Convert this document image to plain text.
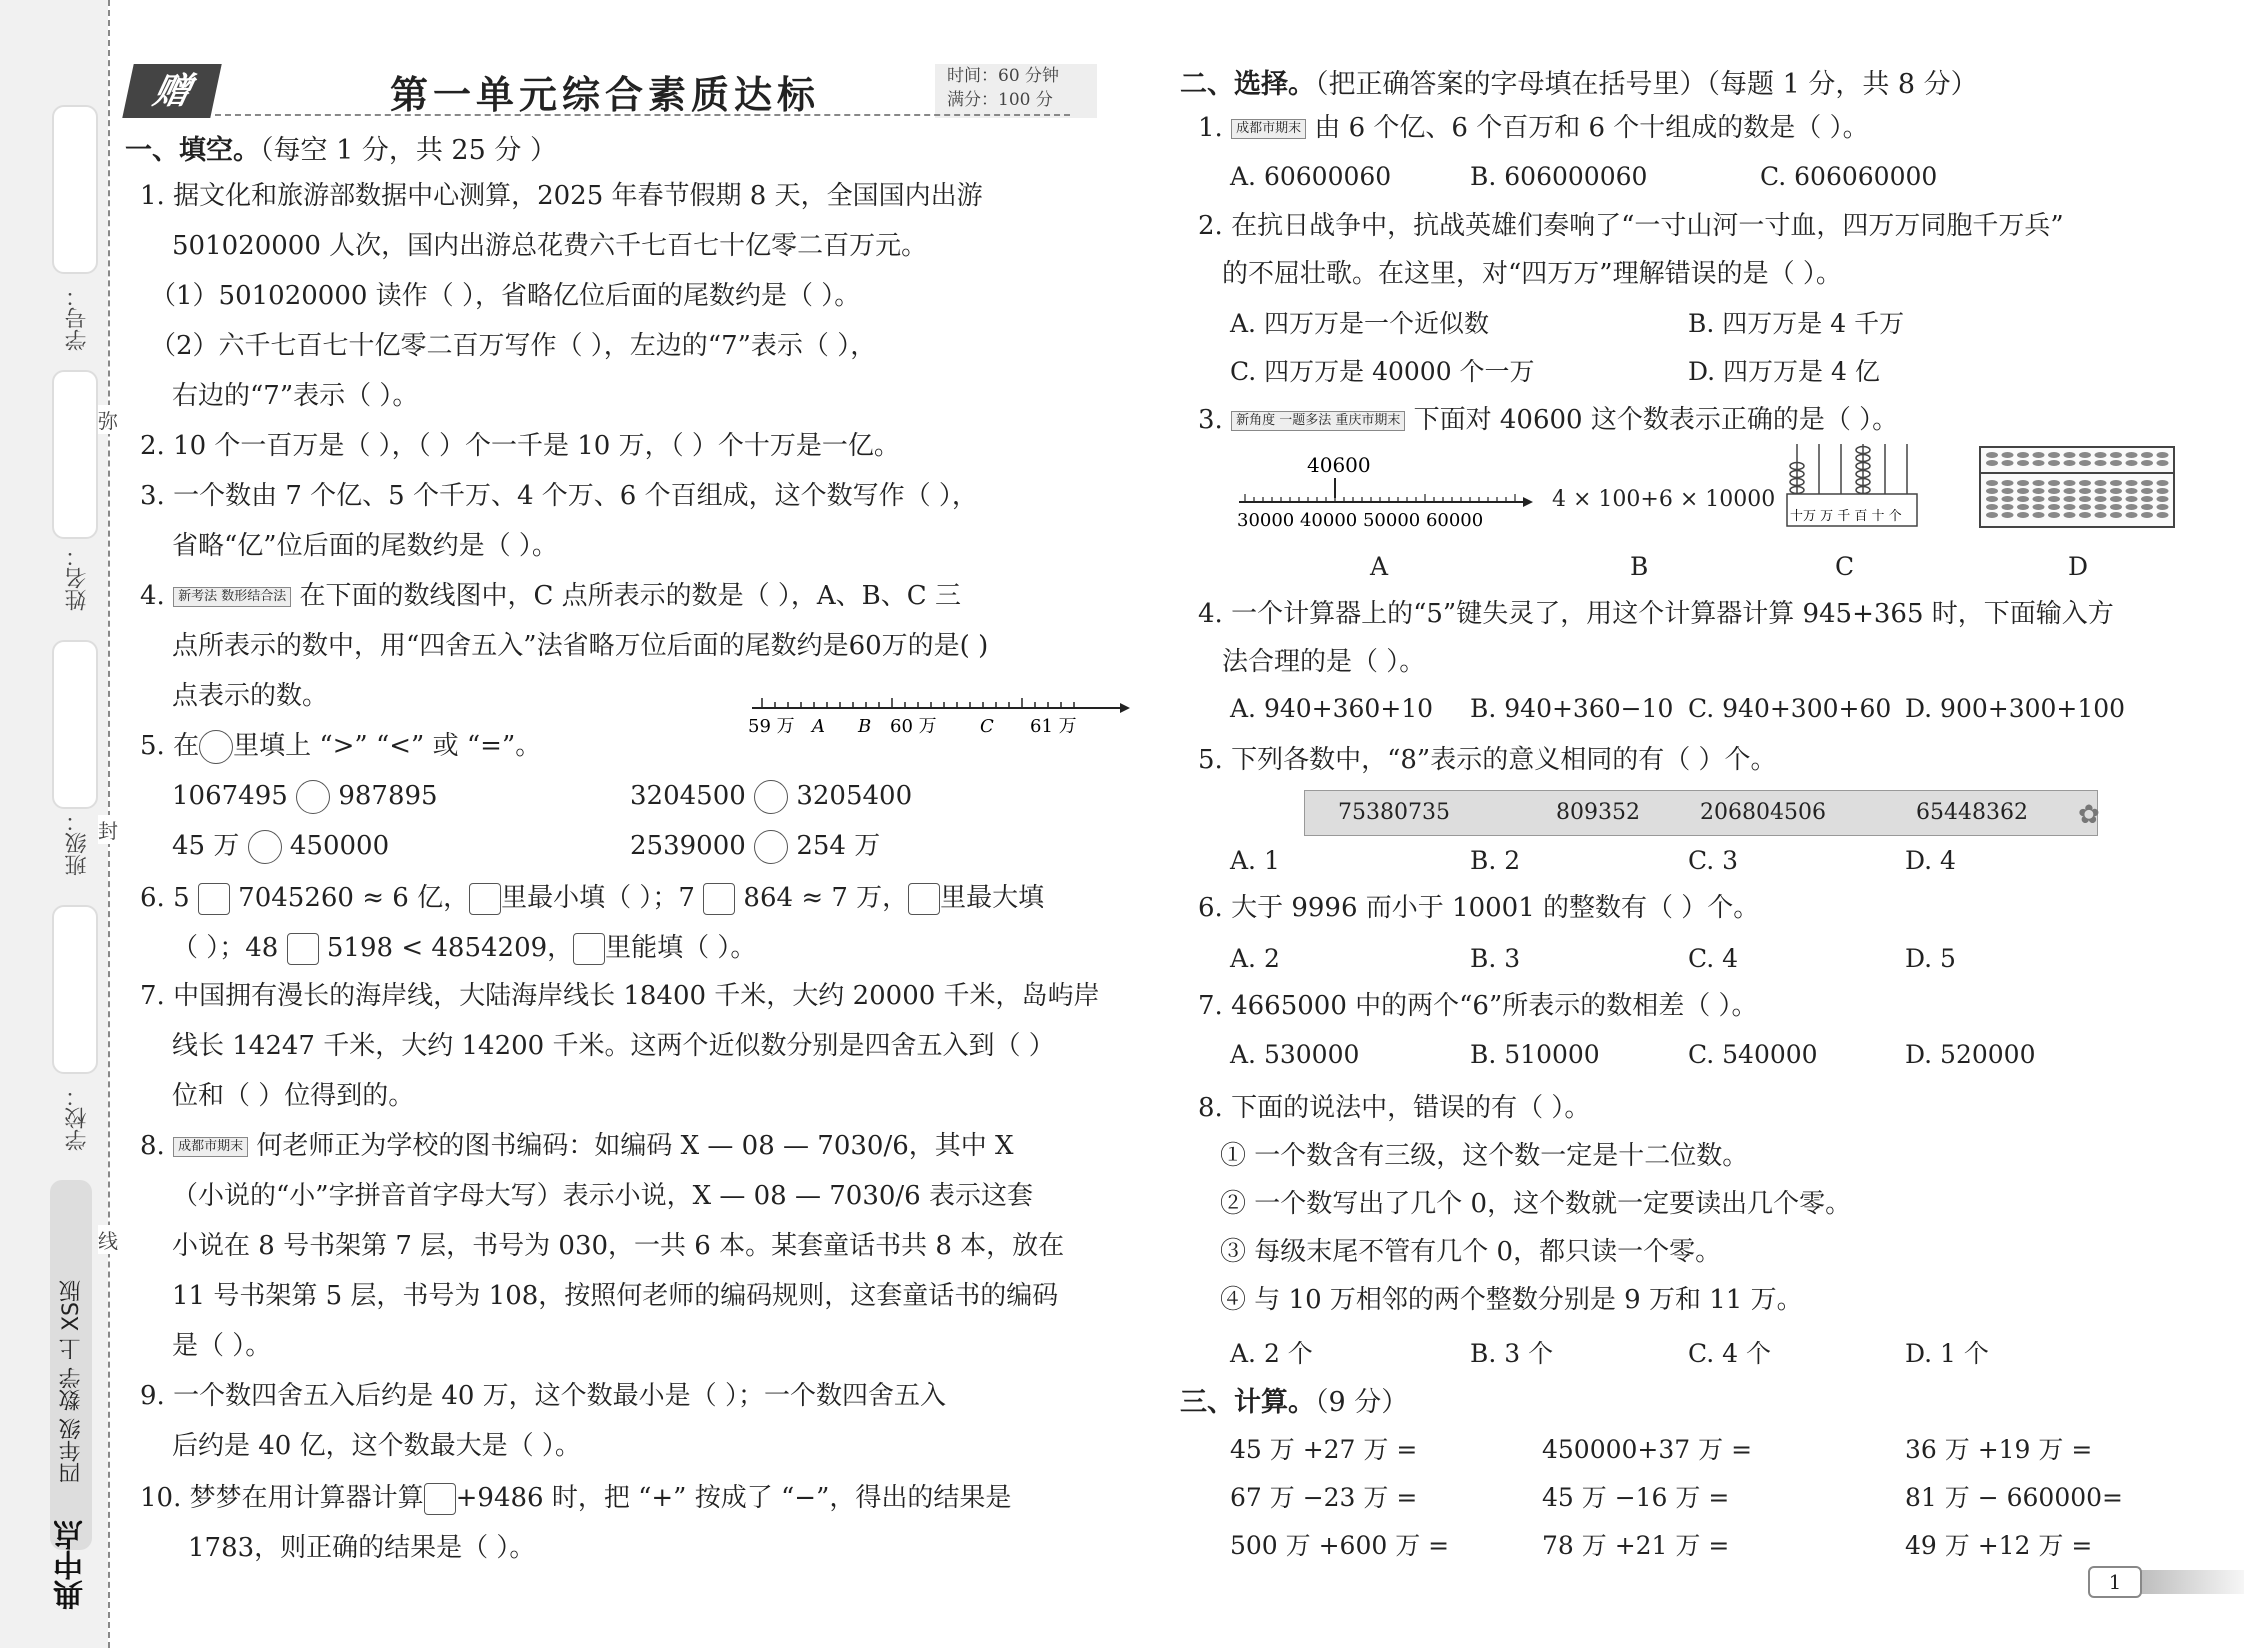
学号：
姓名：
班级：
学校：
弥
封
线
四年级 数学 上 XS版
典中点
赠	第一单元综合素质达标	时间：60 分钟
满分：100 分
一、填空。（每空 1 分，共 25 分 ）
1. 据文化和旅游部数据中心测算，2025 年春节假期 8 天，全国国内出游
501020000 人次，国内出游总花费六千七百七十亿零二百万元。
（1）501020000 读作（ ），省略亿位后面的尾数约是（ ）。
（2）六千七百七十亿零二百万写作（ ），左边的“7”表示（ ），
右边的“7”表示（ ）。
2. 10 个一百万是（ ），（ ）个一千是 10 万，（ ）个十万是一亿。
3. 一个数由 7 个亿、5 个千万、4 个万、6 个百组成，这个数写作（ ），
省略“亿”位后面的尾数约是（ ）。
4. 新考法 数形结合法 在下面的数线图中，C 点所表示的数是（ ），A、B、C 三
点所表示的数中，用“四舍五入”法省略万位后面的尾数约是60万的是( )
点表示的数。
59 万 A B 60 万 C 61 万
5. 在 里填上 “>” “<” 或 “=”。
1067495 987895	3204500 3205400
45 万 450000	2539000 254 万
6. 5 7045260 ≈ 6 亿， 里最小填（ ）；7 864 ≈ 7 万， 里最大填
（ ）；48 5198 < 4854209， 里能填（ ）。
7. 中国拥有漫长的海岸线，大陆海岸线长 18400 千米，大约 20000 千米，岛屿岸
线长 14247 千米，大约 14200 千米。这两个近似数分别是四舍五入到（ ）
位和（ ）位得到的。
8. 成都市期末 何老师正为学校的图书编码：如编码 X — 08 — 7030/6，其中 X
（小说的“小”字拼音首字母大写）表示小说，X — 08 — 7030/6 表示这套
小说在 8 号书架第 7 层，书号为 030，一共 6 本。某套童话书共 8 本，放在
11 号书架第 5 层，书号为 108，按照何老师的编码规则，这套童话书的编码
是（ ）。
9. 一个数四舍五入后约是 40 万，这个数最小是（ ）；一个数四舍五入
后约是 40 亿，这个数最大是（ ）。
10. 梦梦在用计算器计算 +9486 时，把 “+” 按成了 “−”，得出的结果是
1783，则正确的结果是（ ）。
二、选择。（把正确答案的字母填在括号里）（每题 1 分，共 8 分）
1. 成都市期末 由 6 个亿、6 个百万和 6 个十组成的数是（ ）。
A. 60600060	B. 606000060	C. 606060000
2. 在抗日战争中，抗战英雄们奏响了“一寸山河一寸血，四万万同胞千万兵”
的不屈壮歌。在这里，对“四万万”理解错误的是（ ）。
A. 四万万是一个近似数	B. 四万万是 4 千万
C. 四万万是 40000 个一万	D. 四万万是 4 亿
3. 新角度 一题多法 重庆市期末 下面对 40600 这个数表示正确的是（ ）。
40600
30000 40000 50000 60000
4 × 100+6 × 10000
十万 万 千 百 十 个
A	B	C	D
4. 一个计算器上的“5”键失灵了，用这个计算器计算 945+365 时，下面输入方
法合理的是（ ）。
A. 940+360+10 B. 940+360−10 C. 940+300+60 D. 900+300+100
5. 下列各数中，“8”表示的意义相同的有（ ）个。
75380735	809352	206804506	65448362 ✿
A. 1	B. 2	C. 3	D. 4
6. 大于 9996 而小于 10001 的整数有（ ）个。
A. 2	B. 3	C. 4	D. 5
7. 4665000 中的两个“6”所表示的数相差（ ）。
A. 530000	B. 510000	C. 540000	D. 520000
8. 下面的说法中，错误的有（ ）。
① 一个数含有三级，这个数一定是十二位数。
② 一个数写出了几个 0，这个数就一定要读出几个零。
③ 每级末尾不管有几个 0，都只读一个零。
④ 与 10 万相邻的两个整数分别是 9 万和 11 万。
A. 2 个	B. 3 个	C. 4 个	D. 1 个
三、计算。（9 分）
45 万 +27 万 =	450000+37 万 =	36 万 +19 万 =
67 万 −23 万 =	45 万 −16 万 =	81 万 − 660000=
500 万 +600 万 =	78 万 +21 万 =	49 万 +12 万 =
1
